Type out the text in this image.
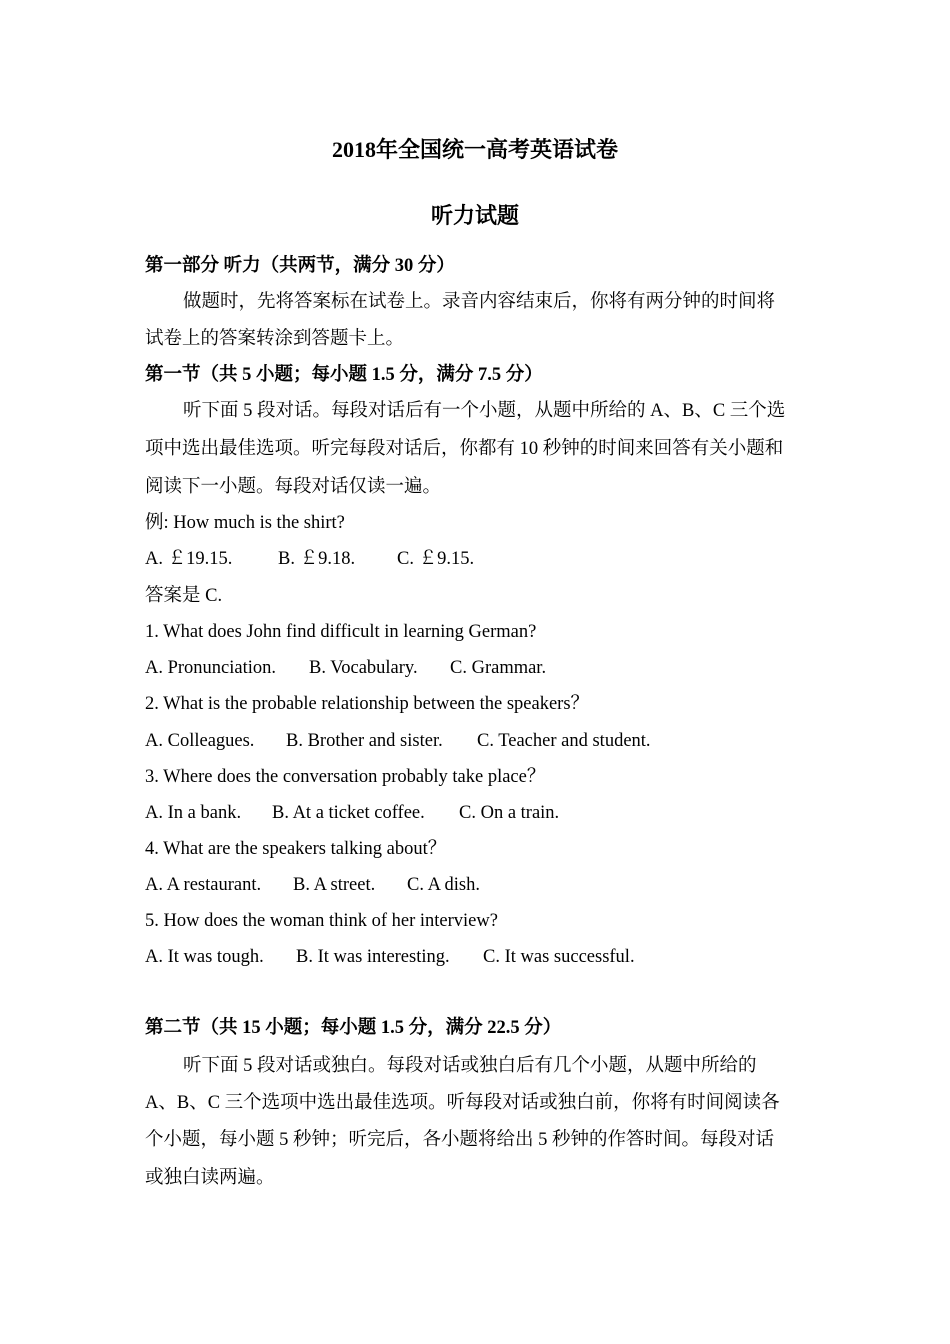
2018年全国统一高考英语试卷
听力试题
第一部分 听力（共两节，满分 30 分）
做题时，先将答案标在试卷上。录音内容结束后，你将有两分钟的时间将
试卷上的答案转涂到答题卡上。
第一节（共 5 小题；每小题 1.5 分，满分 7.5 分）
听下面 5 段对话。每段对话后有一个小题，从题中所给的 A、B、C 三个选
项中选出最佳选项。听完每段对话后，你都有 10 秒钟的时间来回答有关小题和
阅读下一小题。每段对话仅读一遍。
例: How much is the shirt?
A. ￡19.15. B. ￡9.18. C. ￡9.15.
答案是 C.
1. What does John find difficult in learning German?
A. Pronunciation. B. Vocabulary. C. Grammar.
2. What is the probable relationship between the speakers？
A. Colleagues. B. Brother and sister. C. Teacher and student.
3. Where does the conversation probably take place？
A. In a bank. B. At a ticket coffee. C. On a train.
4. What are the speakers talking about？
A. A restaurant. B. A street. C. A dish.
5. How does the woman think of her interview?
A. It was tough. B. It was interesting. C. It was successful.
第二节（共 15 小题；每小题 1.5 分，满分 22.5 分）
听下面 5 段对话或独白。每段对话或独白后有几个小题，从题中所给的
A、B、C 三个选项中选出最佳选项。听每段对话或独白前，你将有时间阅读各
个小题，每小题 5 秒钟；听完后，各小题将给出 5 秒钟的作答时间。每段对话
或独白读两遍。
